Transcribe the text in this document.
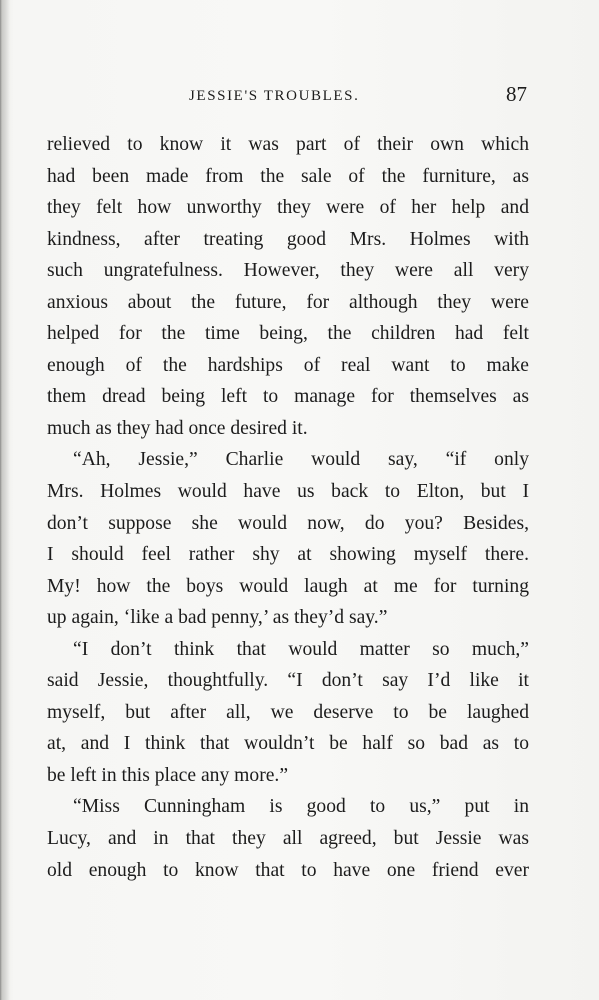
JESSIE'S TROUBLES.	87
relieved to know it was part of their own which
had been made from the sale of the furniture, as
they felt how unworthy they were of her help and
kindness, after treating good Mrs. Holmes with
such ungratefulness. However, they were all very
anxious about the future, for although they were
helped for the time being, the children had felt
enough of the hardships of real want to make
them dread being left to manage for themselves as
much as they had once desired it.
“Ah, Jessie,” Charlie would say, “if only
Mrs. Holmes would have us back to Elton, but I
don’t suppose she would now, do you? Besides,
I should feel rather shy at showing myself there.
My! how the boys would laugh at me for turning
up again, ‘like a bad penny,’ as they’d say.”
“I don’t think that would matter so much,”
said Jessie, thoughtfully. “I don’t say I’d like it
myself, but after all, we deserve to be laughed
at, and I think that wouldn’t be half so bad as to
be left in this place any more.”
“Miss Cunningham is good to us,” put in
Lucy, and in that they all agreed, but Jessie was
old enough to know that to have one friend ever
